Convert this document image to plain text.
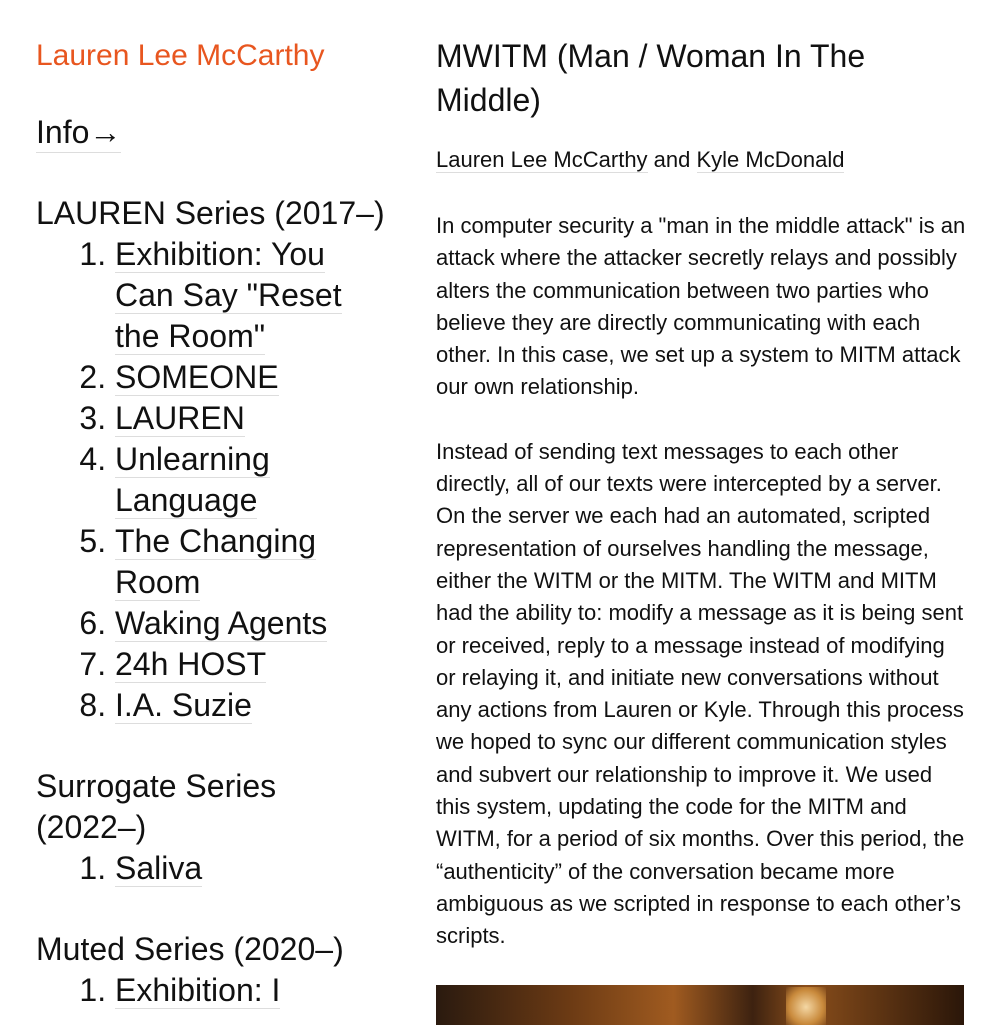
Lauren Lee McCarthy
Info→
LAUREN Series (2017–)
1. Exhibition: You Can Say "Reset the Room"
2. SOMEONE
3. LAUREN
4. Unlearning Language
5. The Changing Room
6. Waking Agents
7. 24h HOST
8. I.A. Suzie
Surrogate Series (2022–)
1. Saliva
Muted Series (2020–)
1. Exhibition: I
MWITM (Man / Woman In The Middle)

Lauren Lee McCarthy and Kyle McDonald

In computer security a "man in the middle attack" is an attack where the attacker secretly relays and possibly alters the communication between two parties who believe they are directly communicating with each other. In this case, we set up a system to MITM attack our own relationship.

Instead of sending text messages to each other directly, all of our texts were intercepted by a server. On the server we each had an automated, scripted representation of ourselves handling the message, either the WITM or the MITM. The WITM and MITM had the ability to: modify a message as it is being sent or received, reply to a message instead of modifying or relaying it, and initiate new conversations without any actions from Lauren or Kyle. Through this process we hoped to sync our different communication styles and subvert our relationship to improve it. We used this system, updating the code for the MITM and WITM, for a period of six months. Over this period, the “authenticity” of the conversation became more ambiguous as we scripted in response to each other’s scripts.
